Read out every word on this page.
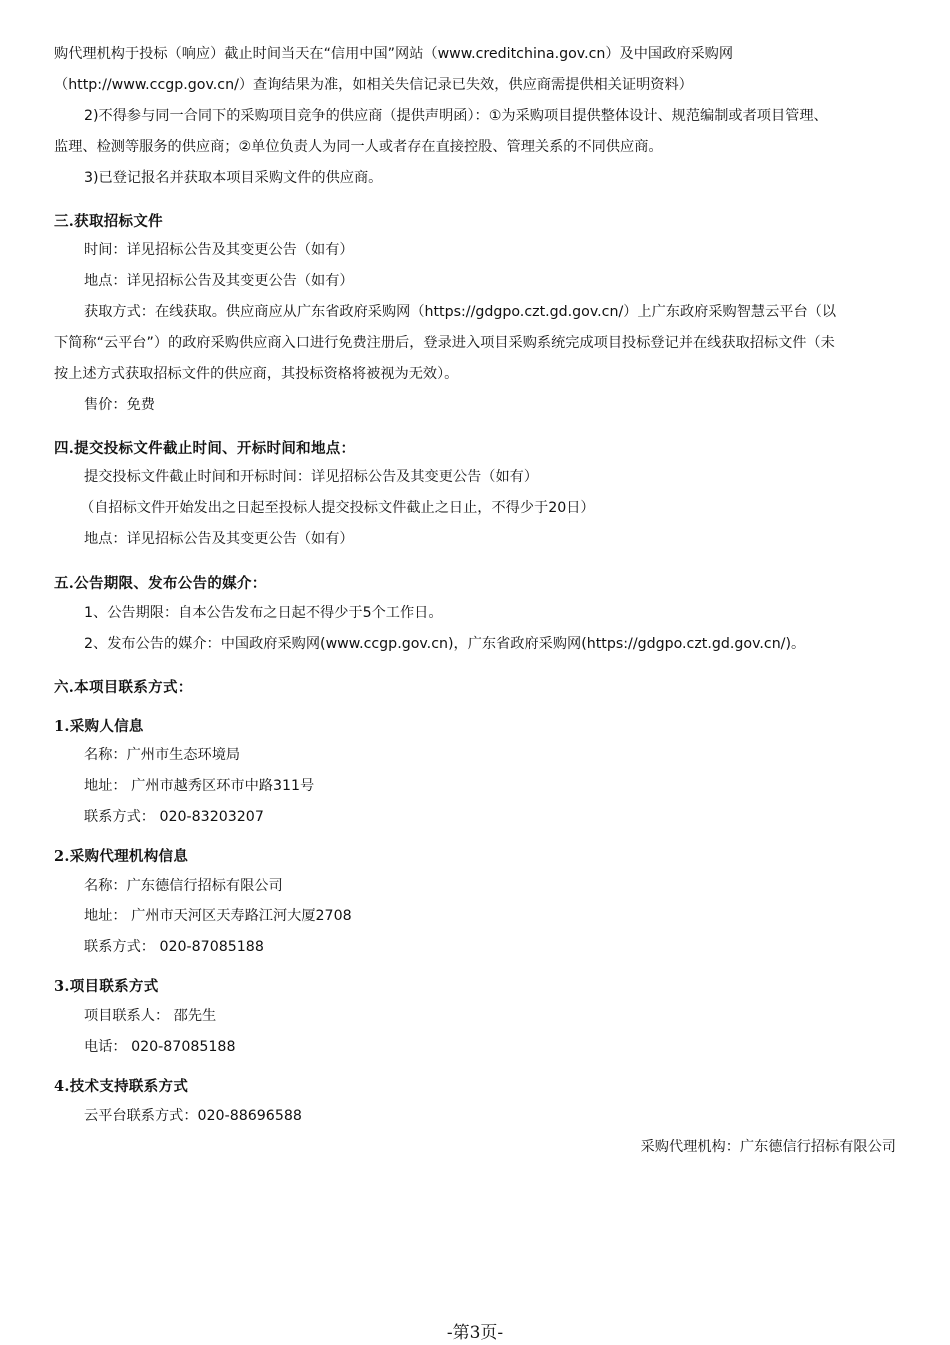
购代理机构于投标（响应）截止时间当天在“信用中国”网站（www.creditchina.gov.cn）及中国政府采购网
（http://www.ccgp.gov.cn/）查询结果为准，如相关失信记录已失效，供应商需提供相关证明资料）
2)不得参与同一合同下的采购项目竞争的供应商（提供声明函）：①为采购项目提供整体设计、规范编制或者项目管理、
监理、检测等服务的供应商；②单位负责人为同一人或者存在直接控股、管理关系的不同供应商。
3)已登记报名并获取本项目采购文件的供应商。
三.获取招标文件
时间：详见招标公告及其变更公告（如有）
地点：详见招标公告及其变更公告（如有）
获取方式：在线获取。供应商应从广东省政府采购网（https://gdgpo.czt.gd.gov.cn/）上广东政府采购智慧云平台（以
下简称“云平台”）的政府采购供应商入口进行免费注册后，登录进入项目采购系统完成项目投标登记并在线获取招标文件（未
按上述方式获取招标文件的供应商，其投标资格将被视为无效）。
售价：免费
四.提交投标文件截止时间、开标时间和地点：
提交投标文件截止时间和开标时间：详见招标公告及其变更公告（如有）
（自招标文件开始发出之日起至投标人提交投标文件截止之日止，不得少于20日）
地点：详见招标公告及其变更公告（如有）
五.公告期限、发布公告的媒介：
1、公告期限：自本公告发布之日起不得少于5个工作日。
2、发布公告的媒介：中国政府采购网(www.ccgp.gov.cn)，广东省政府采购网(https://gdgpo.czt.gd.gov.cn/)。
六.本项目联系方式：
1.采购人信息
名称：广州市生态环境局
地址： 广州市越秀区环市中路311号
联系方式： 020-83203207
2.采购代理机构信息
名称：广东德信行招标有限公司
地址： 广州市天河区天寿路江河大厦2708
联系方式： 020-87085188
3.项目联系方式
项目联系人： 邵先生
电话： 020-87085188
4.技术支持联系方式
云平台联系方式：020-88696588
采购代理机构：广东德信行招标有限公司
-第3页-
